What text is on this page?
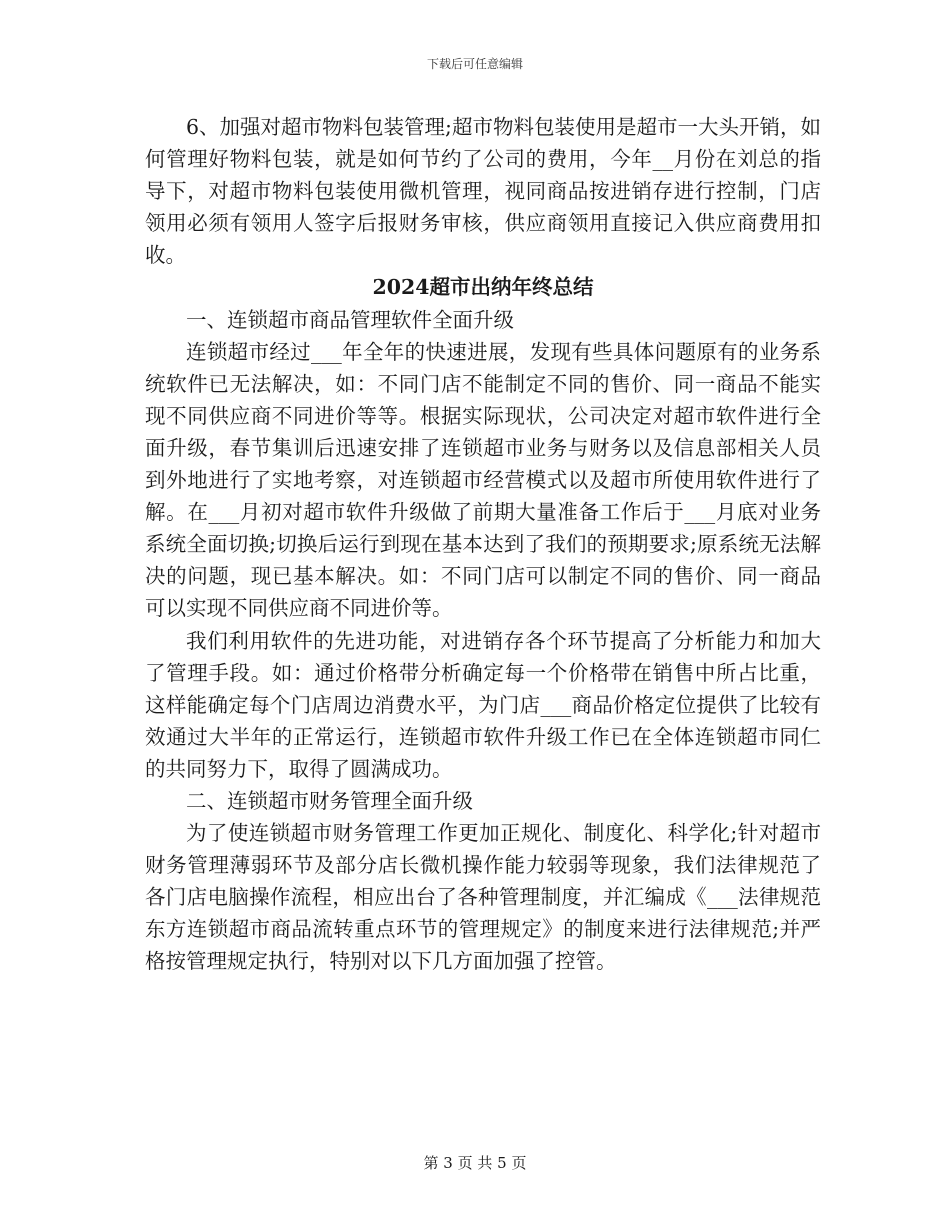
下载后可任意编辑

6、加强对超市物料包装管理;超市物料包装使用是超市一大头开销，如何管理好物料包装，就是如何节约了公司的费用，今年__月份在刘总的指导下，对超市物料包装使用微机管理，视同商品按进销存进行控制，门店领用必须有领用人签字后报财务审核，供应商领用直接记入供应商费用扣收。

2024超市出纳年终总结

一、连锁超市商品管理软件全面升级

连锁超市经过___年全年的快速进展，发现有些具体问题原有的业务系统软件已无法解决，如：不同门店不能制定不同的售价、同一商品不能实现不同供应商不同进价等等。根据实际现状，公司决定对超市软件进行全面升级，春节集训后迅速安排了连锁超市业务与财务以及信息部相关人员到外地进行了实地考察，对连锁超市经营模式以及超市所使用软件进行了解。在___月初对超市软件升级做了前期大量准备工作后于___月底对业务系统全面切换;切换后运行到现在基本达到了我们的预期要求;原系统无法解决的问题，现已基本解决。如：不同门店可以制定不同的售价、同一商品可以实现不同供应商不同进价等。

我们利用软件的先进功能，对进销存各个环节提高了分析能力和加大了管理手段。如：通过价格带分析确定每一个价格带在销售中所占比重，这样能确定每个门店周边消费水平，为门店___商品价格定位提供了比较有效通过大半年的正常运行，连锁超市软件升级工作已在全体连锁超市同仁的共同努力下，取得了圆满成功。

二、连锁超市财务管理全面升级

为了使连锁超市财务管理工作更加正规化、制度化、科学化;针对超市财务管理薄弱环节及部分店长微机操作能力较弱等现象，我们法律规范了各门店电脑操作流程，相应出台了各种管理制度，并汇编成《___法律规范东方连锁超市商品流转重点环节的管理规定》的制度来进行法律规范;并严格按管理规定执行，特别对以下几方面加强了控管。

第 3 页 共 5 页
